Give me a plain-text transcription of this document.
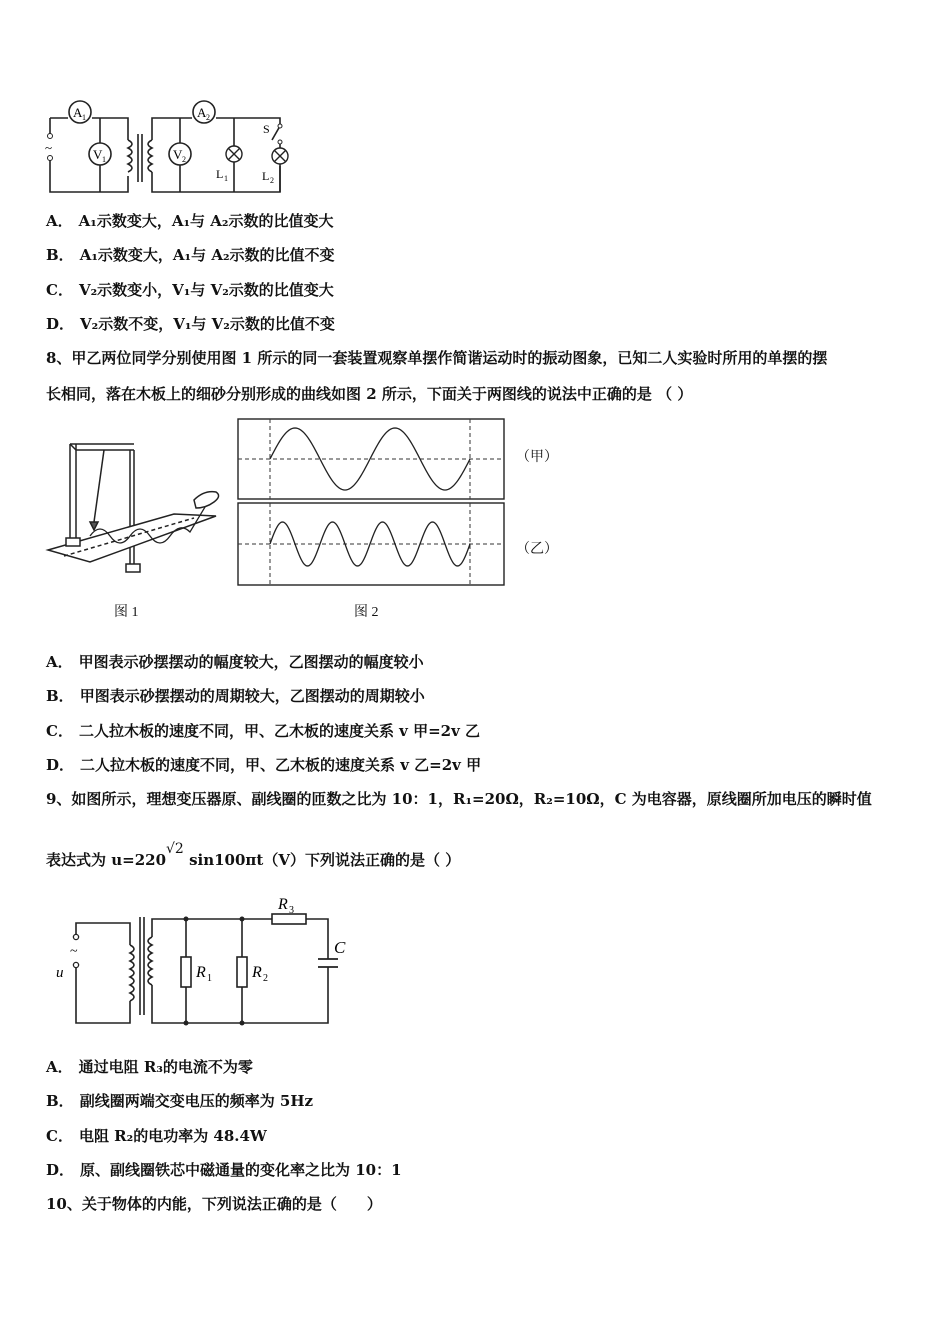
~
A 1	A 2
V 1	V 2
L 1	L 2
S
A． A₁示数变大，A₁与 A₂示数的比值变大
B． A₁示数变大，A₁与 A₂示数的比值不变
C． V₂示数变小，V₁与 V₂示数的比值变大
D． V₂示数不变，V₁与 V₂示数的比值不变
8、甲乙两位同学分别使用图 1 所示的同一套装置观察单摆作简谐运动时的振动图象，已知二人实验时所用的单摆的摆
长相同，落在木板上的细砂分别形成的曲线如图 2 所示，下面关于两图线的说法中正确的是 （ ）
图 1
（甲）
（乙）
图 2
A． 甲图表示砂摆摆动的幅度较大，乙图摆动的幅度较小
B． 甲图表示砂摆摆动的周期较大，乙图摆动的周期较小
C． 二人拉木板的速度不同，甲、乙木板的速度关系 v 甲=2v 乙
D． 二人拉木板的速度不同，甲、乙木板的速度关系 v 乙=2v 甲
9、如图所示，理想变压器原、副线圈的匝数之比为 10：1，R₁=20Ω，R₂=10Ω，C 为电容器，原线圈所加电压的瞬时值
表达式为 u=220√2 sin100πt（V）下列说法正确的是（ ）
u
~
R 1	R 2
R 3
C
A． 通过电阻 R₃的电流不为零
B． 副线圈两端交变电压的频率为 5Hz
C． 电阻 R₂的电功率为 48.4W
D． 原、副线圈铁芯中磁通量的变化率之比为 10：1
10、关于物体的内能，下列说法正确的是（　　）
